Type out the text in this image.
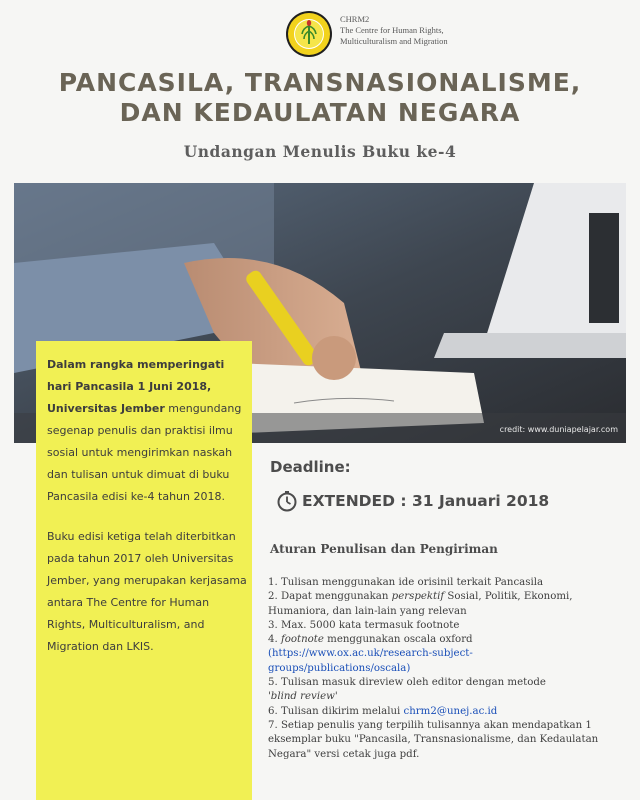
CHRM2
The Centre for Human Rights,
Multiculturalism and Migration
PANCASILA, TRANSNASIONALISME,
DAN KEDAULATAN NEGARA
Undangan Menulis Buku ke-4
credit: www.duniapelajar.com
Dalam rangka memperingati hari Pancasila 1 Juni 2018, Universitas Jember mengundang segenap penulis dan praktisi ilmu sosial untuk mengirimkan naskah dan tulisan untuk dimuat di buku Pancasila edisi ke-4 tahun 2018.
Buku edisi ketiga telah diterbitkan pada tahun 2017 oleh Universitas Jember, yang merupakan kerjasama antara The Centre for Human Rights, Multiculturalism, and Migration dan LKIS.
Deadline:
EXTENDED : 31 Januari 2018
Aturan Penulisan dan Pengiriman
1. Tulisan menggunakan ide orisinil terkait Pancasila
2. Dapat menggunakan perspektif Sosial, Politik, Ekonomi, Humaniora, dan lain-lain yang relevan
3. Max. 5000 kata termasuk footnote
4. footnote menggunakan oscala oxford
(https://www.ox.ac.uk/research-subject-groups/publications/oscala)
5. Tulisan masuk direview oleh editor dengan metode
'blind review'
6. Tulisan dikirim melalui chrm2@unej.ac.id
7. Setiap penulis yang terpilih tulisannya akan mendapatkan 1 eksemplar buku "Pancasila, Transnasionalisme, dan Kedaulatan Negara" versi cetak juga pdf.
